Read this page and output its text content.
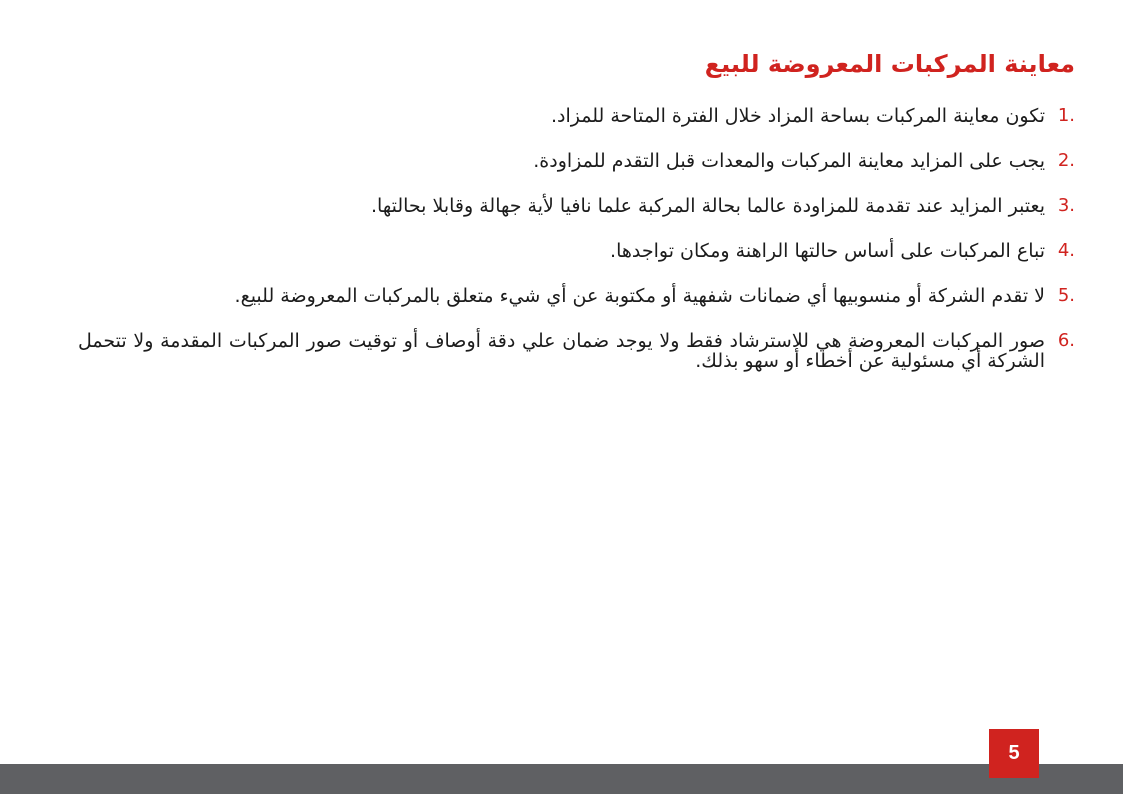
معاينة المركبات المعروضة للبيع
1.
تكون معاينة المركبات بساحة المزاد خلال الفترة المتاحة للمزاد.
2.
يجب على المزايد معاينة المركبات والمعدات قبل التقدم للمزاودة.
3.
يعتبر المزايد عند تقدمة للمزاودة عالما بحالة المركبة علما نافيا لأية جهالة وقابلا بحالتها.
4.
تباع المركبات على أساس حالتها الراهنة ومكان تواجدها.
5.
لا تقدم الشركة أو منسوبيها أي ضمانات شفهية أو مكتوبة عن أي شيء متعلق بالمركبات المعروضة للبيع.
6.
صور المركبات المعروضة هي للاسترشاد فقط ولا يوجد ضمان علي دقة أوصاف أو توقيت صور المركبات المقدمة ولا تتحمل الشركة أي مسئولية عن أخطاء أو سهو بذلك.
5
